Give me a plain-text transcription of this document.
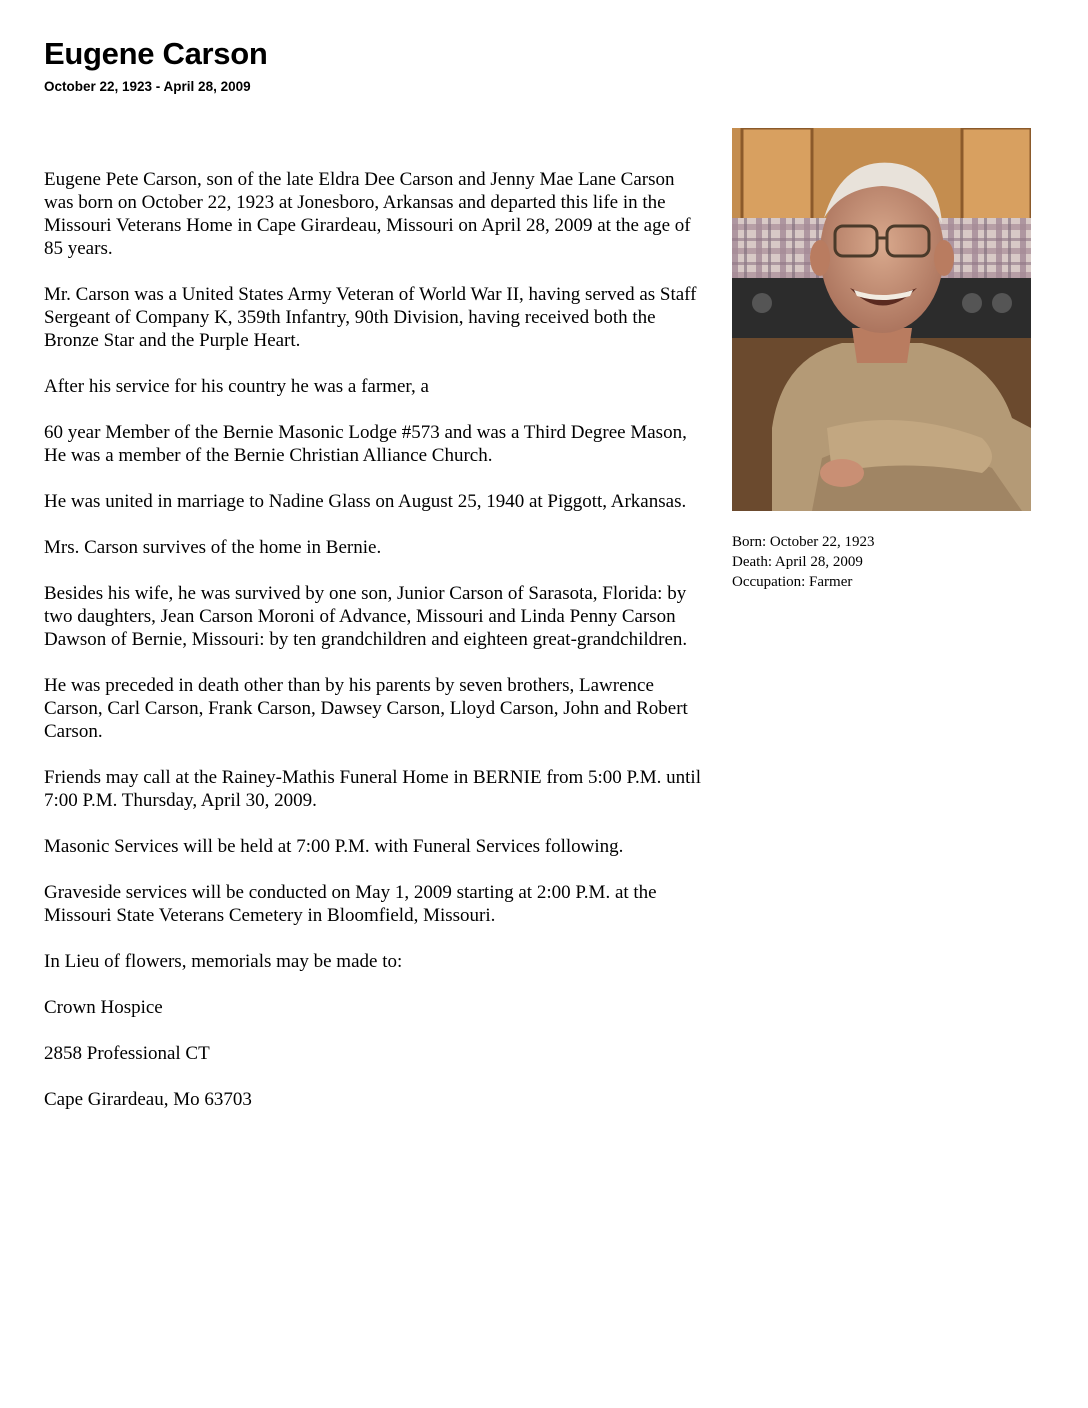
Eugene Carson
October 22, 1923 - April 28, 2009

Eugene Pete Carson, son of the late Eldra Dee Carson and Jenny Mae Lane Carson was born on October 22, 1923 at Jonesboro, Arkansas and departed this life in the Missouri Veterans Home in Cape Girardeau, Missouri on April 28, 2009 at the age of 85 years.

Mr. Carson was a United States Army Veteran of World War II, having served as Staff Sergeant of Company K, 359th Infantry, 90th Division, having received both the Bronze Star and the Purple Heart.

After his service for his country he was a farmer, a

60 year Member of the Bernie Masonic Lodge #573 and was a Third Degree Mason, He was a member of the Bernie Christian Alliance Church.

He was united in marriage to Nadine Glass on August 25, 1940 at Piggott, Arkansas.

Mrs. Carson survives of the home in Bernie.

Besides his wife, he was survived by one son, Junior Carson of Sarasota, Florida: by two daughters, Jean Carson Moroni of Advance, Missouri and Linda Penny Carson Dawson of Bernie, Missouri: by ten grandchildren and eighteen great-grandchildren.

He was preceded in death other than by his parents by seven brothers, Lawrence Carson, Carl Carson, Frank Carson, Dawsey Carson, Lloyd Carson, John and Robert Carson.

Friends may call at the Rainey-Mathis Funeral Home in BERNIE from 5:00 P.M. until 7:00 P.M. Thursday, April 30, 2009.

Masonic Services will be held at 7:00 P.M. with Funeral Services following.

Graveside services will be conducted on May 1, 2009 starting at 2:00 P.M. at the Missouri State Veterans Cemetery in Bloomfield, Missouri.

In Lieu of flowers, memorials may be made to:

Crown Hospice

2858 Professional CT

Cape Girardeau, Mo 63703

Born: October 22, 1923
Death: April 28, 2009
Occupation: Farmer
